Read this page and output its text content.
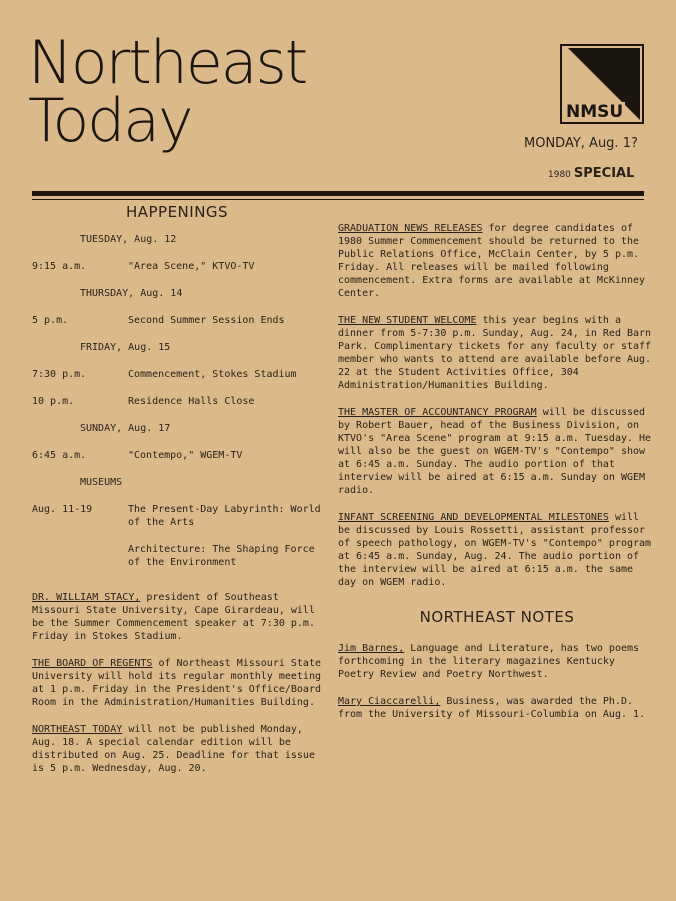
Northeast
Today	NMSU
MONDAY, Aug. 1?
1980 SPECIAL
HAPPENINGS
TUESDAY, Aug. 12
9:15 a.m.	"Area Scene," KTVO-TV
THURSDAY, Aug. 14
5 p.m.	Second Summer Session Ends
FRIDAY, Aug. 15
7:30 p.m.	Commencement, Stokes Stadium
10 p.m.	Residence Halls Close
SUNDAY, Aug. 17
6:45 a.m.	"Contempo," WGEM-TV
MUSEUMS
Aug. 11-19	The Present-Day Labyrinth: World of the Arts
Architecture: The Shaping Force of the Environment
DR. WILLIAM STACY, president of Southeast Missouri State University, Cape Girardeau, will be the Summer Commencement speaker at 7:30 p.m. Friday in Stokes Stadium.
THE BOARD OF REGENTS of Northeast Missouri State University will hold its regular monthly meeting at 1 p.m. Friday in the President's Office/Board Room in the Administration/Humanities Building.
NORTHEAST TODAY will not be published Monday, Aug. 18. A special calendar edition will be distributed on Aug. 25. Deadline for that issue is 5 p.m. Wednesday, Aug. 20.
GRADUATION NEWS RELEASES for degree candidates of 1980 Summer Commencement should be returned to the Public Relations Office, McClain Center, by 5 p.m. Friday. All releases will be mailed following commencement. Extra forms are available at McKinney Center.
THE NEW STUDENT WELCOME this year begins with a dinner from 5-7:30 p.m. Sunday, Aug. 24, in Red Barn Park. Complimentary tickets for any faculty or staff member who wants to attend are available before Aug. 22 at the Student Activities Office, 304 Administration/Humanities Building.
THE MASTER OF ACCOUNTANCY PROGRAM will be discussed by Robert Bauer, head of the Business Division, on KTVO's "Area Scene" program at 9:15 a.m. Tuesday. He will also be the guest on WGEM-TV's "Contempo" show at 6:45 a.m. Sunday. The audio portion of that interview will be aired at 6:15 a.m. Sunday on WGEM radio.
INFANT SCREENING AND DEVELOPMENTAL MILESTONES will be discussed by Louis Rossetti, assistant professor of speech pathology, on WGEM-TV's "Contempo" program at 6:45 a.m. Sunday, Aug. 24. The audio portion of the interview will be aired at 6:15 a.m. the same day on WGEM radio.
NORTHEAST NOTES
Jim Barnes, Language and Literature, has two poems forthcoming in the literary magazines Kentucky Poetry Review and Poetry Northwest.
Mary Ciaccarelli, Business, was awarded the Ph.D. from the University of Missouri-Columbia on Aug. 1.
